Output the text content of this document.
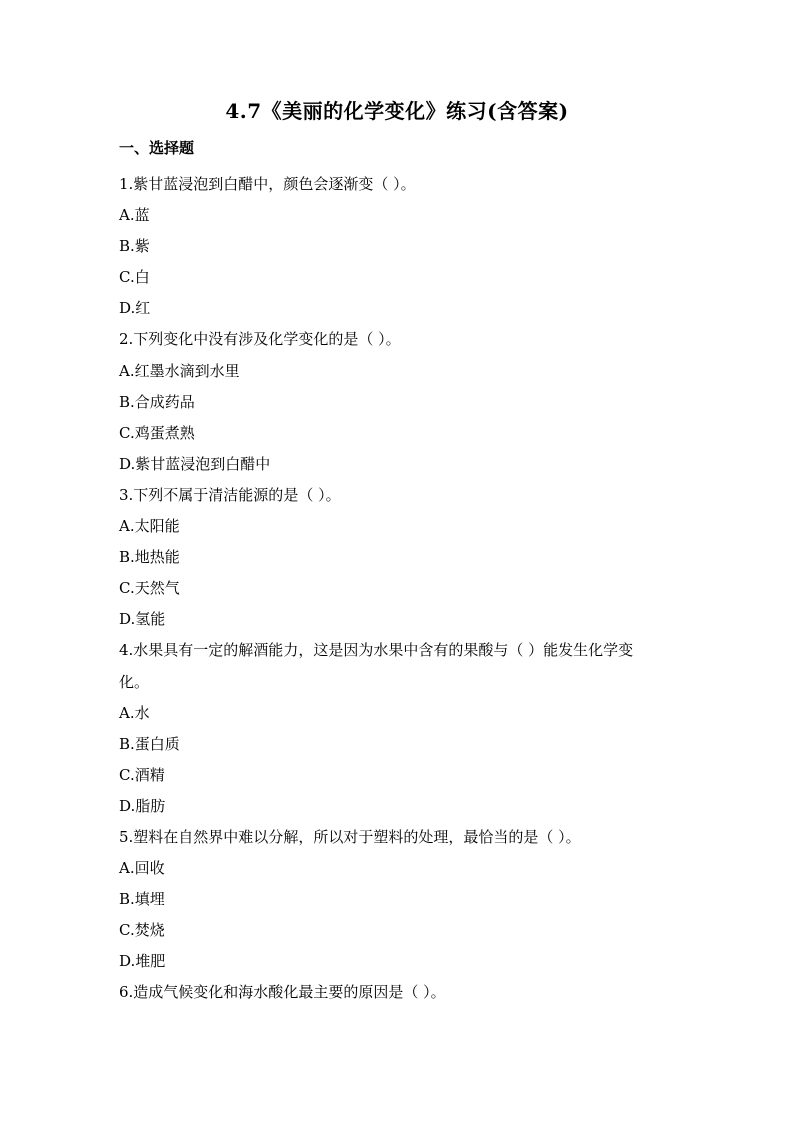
4.7《美丽的化学变化》练习(含答案)
一、选择题
1.紫甘蓝浸泡到白醋中，颜色会逐渐变（ ）。
A.蓝
B.紫
C.白
D.红
2.下列变化中没有涉及化学变化的是（ ）。
A.红墨水滴到水里
B.合成药品
C.鸡蛋煮熟
D.紫甘蓝浸泡到白醋中
3.下列不属于清洁能源的是（ ）。
A.太阳能
B.地热能
C.天然气
D.氢能
4.水果具有一定的解酒能力，这是因为水果中含有的果酸与（ ）能发生化学变
化。
A.水
B.蛋白质
C.酒精
D.脂肪
5.塑料在自然界中难以分解，所以对于塑料的处理，最恰当的是（ ）。
A.回收
B.填埋
C.焚烧
D.堆肥
6.造成气候变化和海水酸化最主要的原因是（ ）。
